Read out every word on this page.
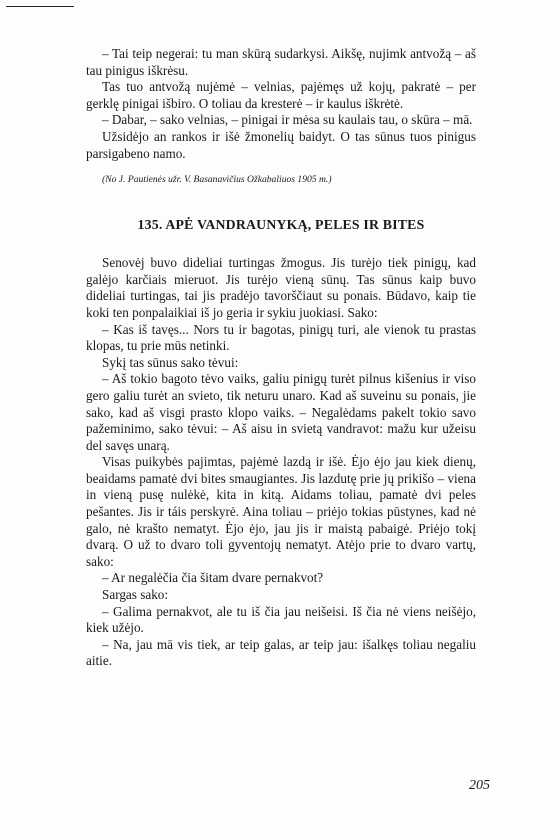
– Tai teip negerai: tu man skūrą sudarkysi. Aikšę, nujimk antvožą – aš tau pinigus iškrėsu.

Tas tuo antvožą nujėmė – velnias, pajėmęs už kojų, pakratė – per gerklę pinigai išbiro. O toliau da kresterė – ir kaulus iškrėtė.

– Dabar, – sako velnias, – pinigai ir mėsa su kaulais tau, o skūra – mā.

Užsidėjo an rankos ir išė žmonelių baidyt. O tas sūnus tuos pinigus parsigabeno namo.

(No J. Pautienės užr. V. Basanavičius Ožkabaliuos 1905 m.)

135. APĖ VANDRAUNYKĄ, PELES IR BITES

Senovėj buvo dideliai turtingas žmogus. Jis turėjo tiek pinigų, kad galėjo karčiais mieruot. Jis turėjo vieną sūnų. Tas sūnus kaip buvo dideliai turtingas, tai jis pradėjo tavorščiaut su ponais. Būdavo, kaip tie koki ten ponpalaikiai iš jo geria ir sykiu juokiasi. Sako:

– Kas iš tavęs... Nors tu ir bagotas, pinigų turi, ale vienok tu prastas klopas, tu prie mūs netinki.

Sykį tas sūnus sako tėvui:

– Aš tokio bagoto tėvo vaiks, galiu pinigų turėt pilnus kišenius ir viso gero galiu turėt an svieto, tik neturu unaro. Kad aš suveinu su ponais, jie sako, kad aš visgi prasto klopo vaiks. – Negalėdams pakelt tokio savo pažeminimo, sako tėvui: – Aš aisu in svietą vandravot: mažu kur užeisu del savęs unarą.

Visas puikybės pajimtas, pajėmė lazdą ir išė. Ėjo ėjo jau kiek dienų, beaidams pamatė dvi bites smaugiantes. Jis lazdutę prie jų prikišo – viena in vieną pusę nulėkė, kita in kitą. Aidams toliau, pamatė dvi peles pešantes. Jis ir táis perskyrė. Aina toliau – priėjo tokias pūstynes, kad nė galo, nė krašto nematyt. Ėjo ėjo, jau jis ir maistą pabaigė. Priėjo tokį dvarą. O už to dvaro toli gyventojų nematyt. Atėjo prie to dvaro vartų, sako:

– Ar negalėčia čia šitam dvare pernakvot?

Sargas sako:

– Galima pernakvot, ale tu iš čia jau neišeisi. Iš čia nė viens neišėjo, kiek užėjo.

– Na, jau mā vis tiek, ar teip galas, ar teip jau: išalkęs toliau negaliu aitie.

205
